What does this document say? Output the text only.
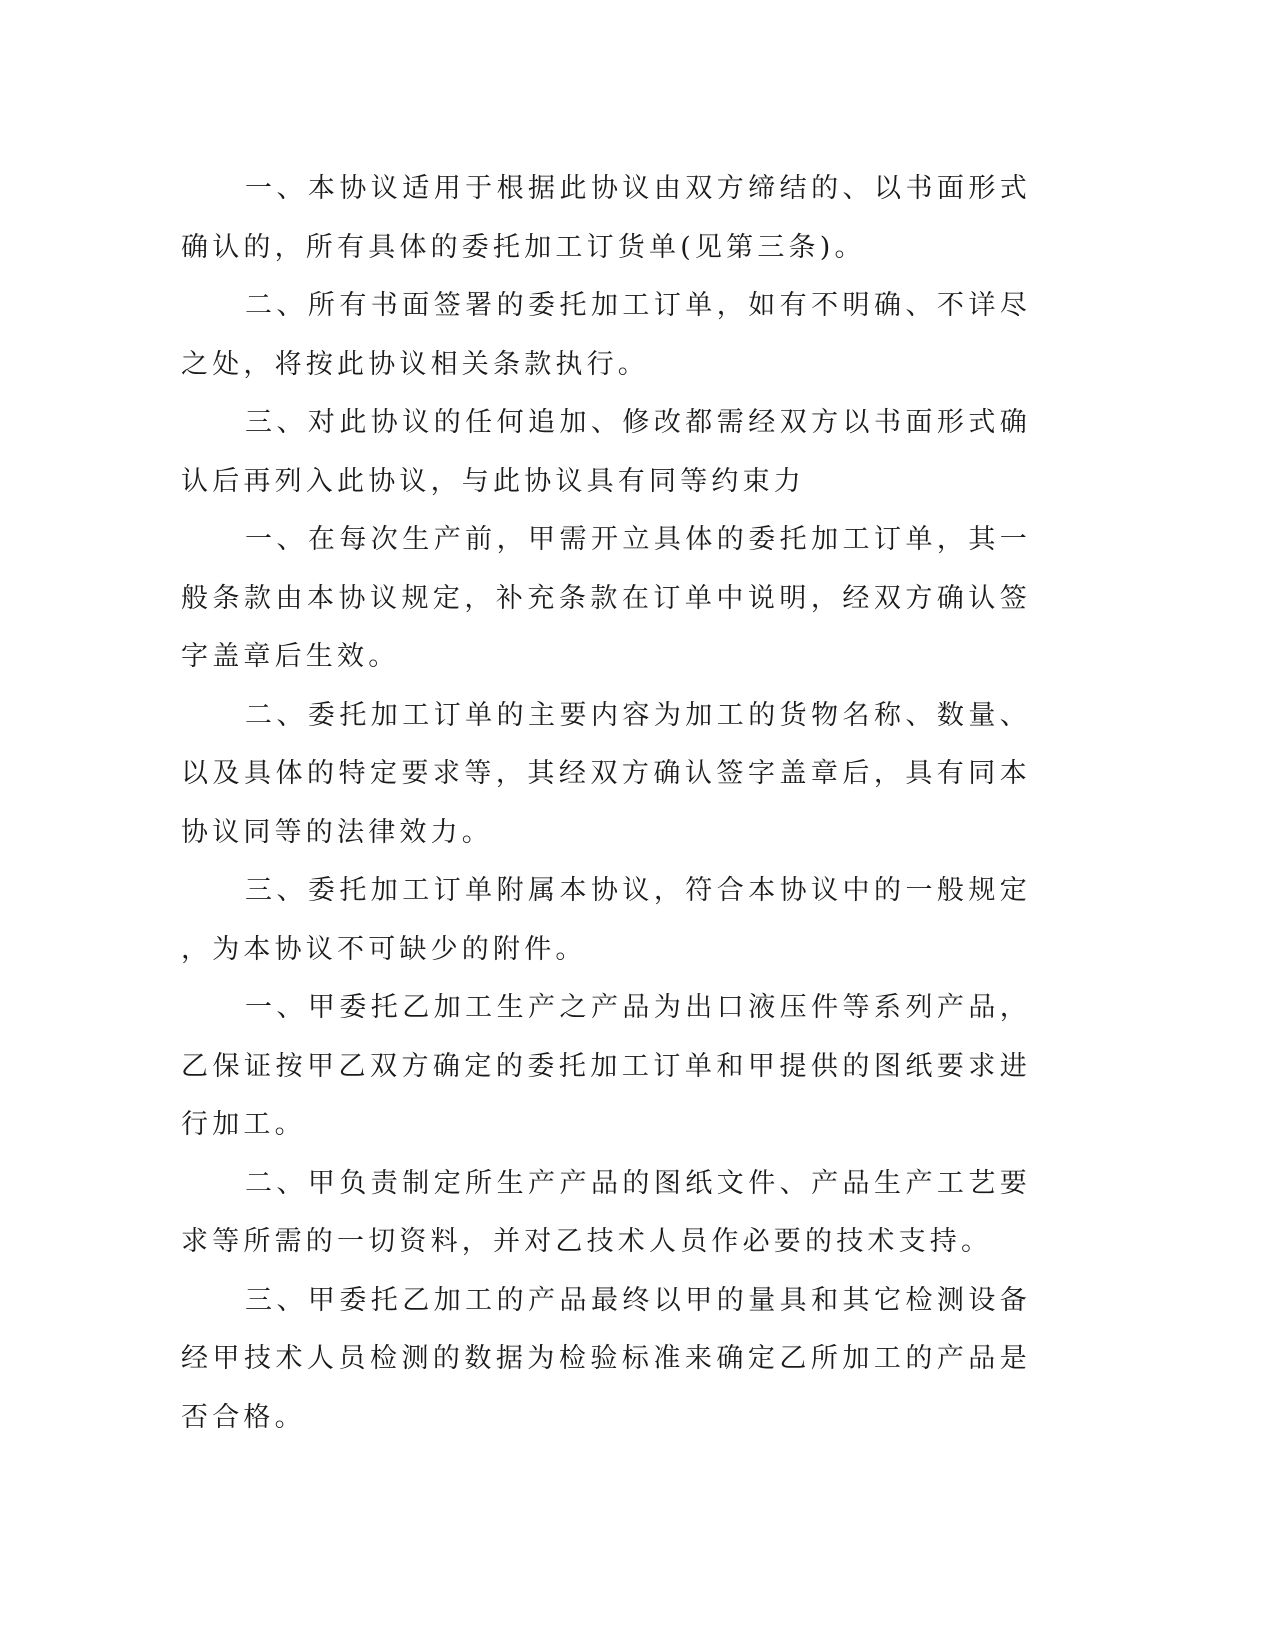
一、本协议适用于根据此协议由双方缔结的、以书面形式确认的，所有具体的委托加工订货单(见第三条)。

二、所有书面签署的委托加工订单，如有不明确、不详尽之处，将按此协议相关条款执行。

三、对此协议的任何追加、修改都需经双方以书面形式确认后再列入此协议，与此协议具有同等约束力

一、在每次生产前，甲需开立具体的委托加工订单，其一般条款由本协议规定，补充条款在订单中说明，经双方确认签字盖章后生效。

二、委托加工订单的主要内容为加工的货物名称、数量、以及具体的特定要求等，其经双方确认签字盖章后，具有同本协议同等的法律效力。

三、委托加工订单附属本协议，符合本协议中的一般规定，为本协议不可缺少的附件。

一、甲委托乙加工生产之产品为出口液压件等系列产品，乙保证按甲乙双方确定的委托加工订单和甲提供的图纸要求进行加工。

二、甲负责制定所生产产品的图纸文件、产品生产工艺要求等所需的一切资料，并对乙技术人员作必要的技术支持。

三、甲委托乙加工的产品最终以甲的量具和其它检测设备经甲技术人员检测的数据为检验标准来确定乙所加工的产品是否合格。
